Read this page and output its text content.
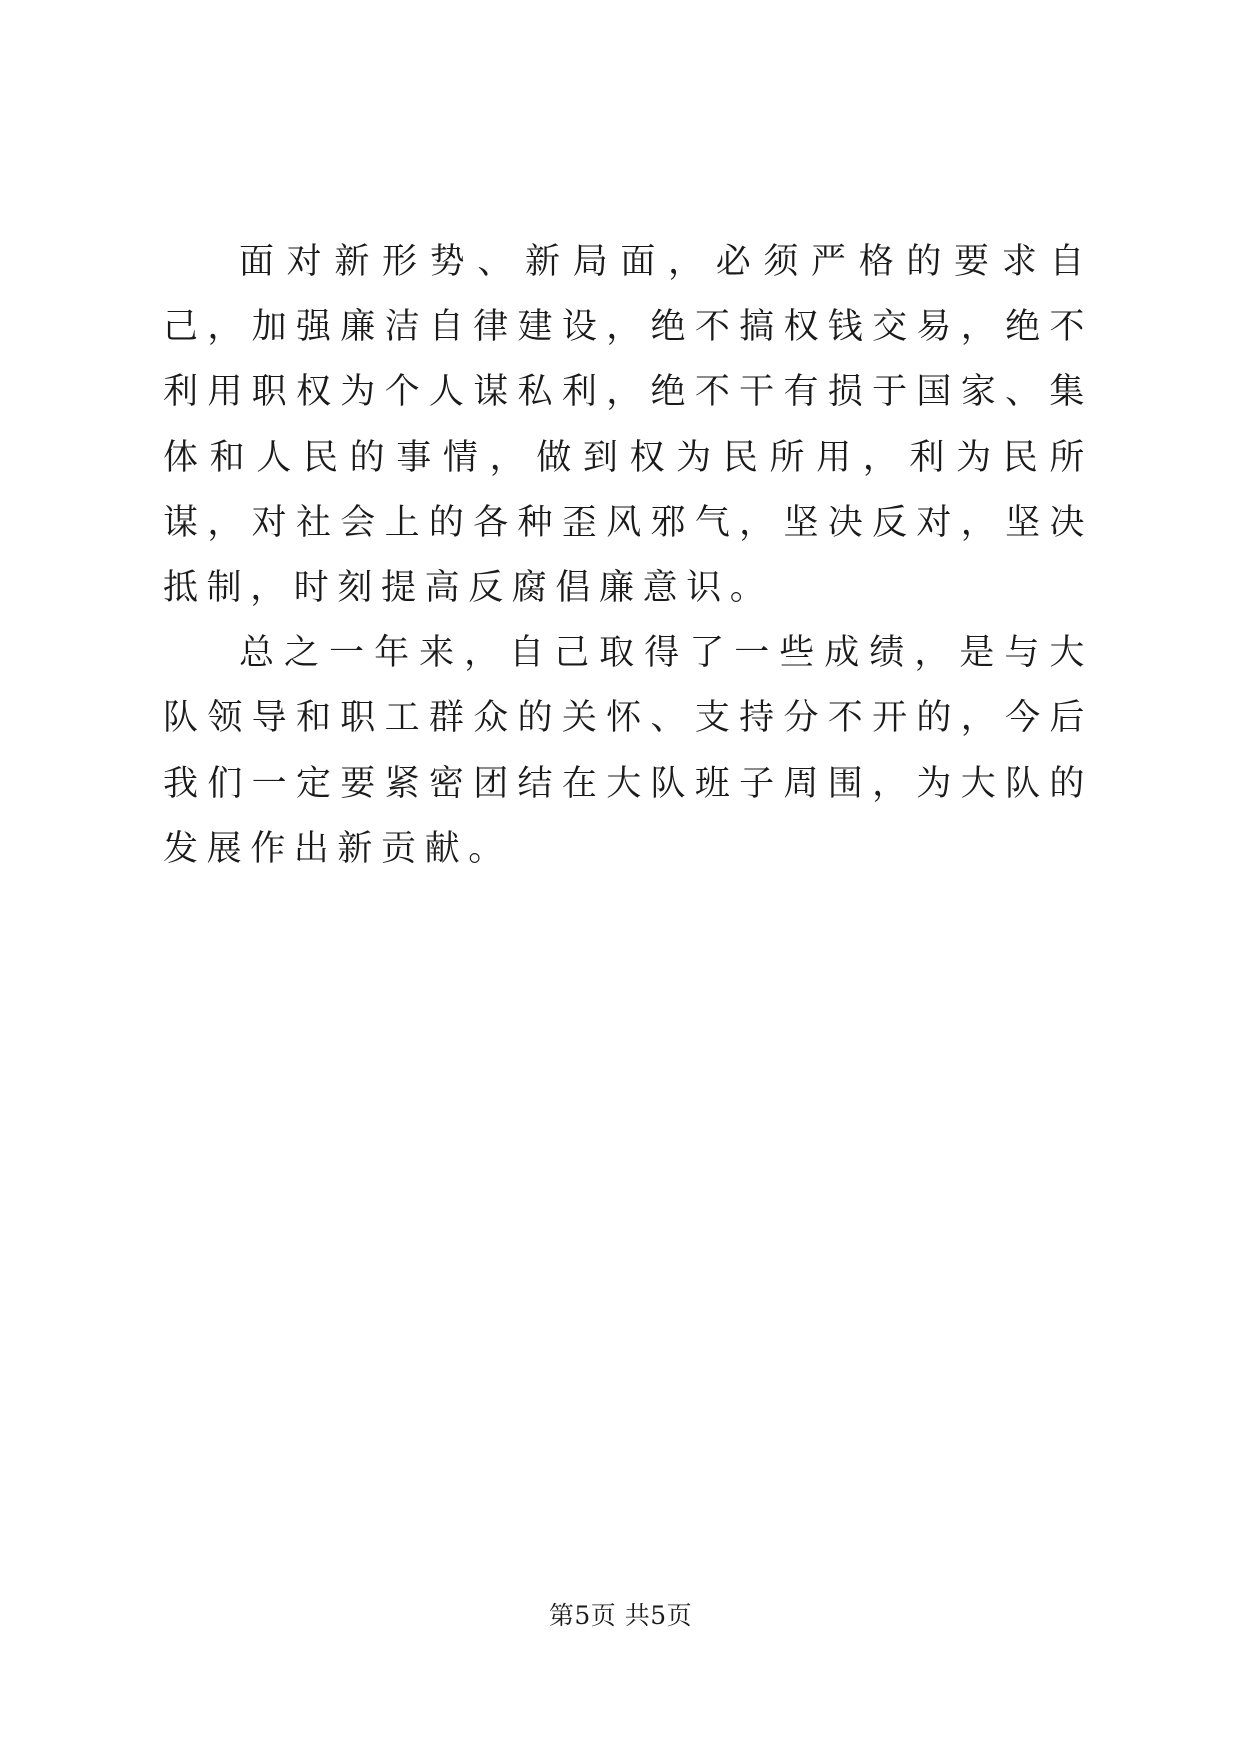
面对新形势、新局面，必须严格的要求自己，加强廉洁自律建设，绝不搞权钱交易，绝不利用职权为个人谋私利，绝不干有损于国家、集体和人民的事情，做到权为民所用，利为民所谋，对社会上的各种歪风邪气，坚决反对，坚决抵制，时刻提高反腐倡廉意识。

总之一年来，自己取得了一些成绩，是与大队领导和职工群众的关怀、支持分不开的，今后我们一定要紧密团结在大队班子周围，为大队的发展作出新贡献。

第5页 共5页
